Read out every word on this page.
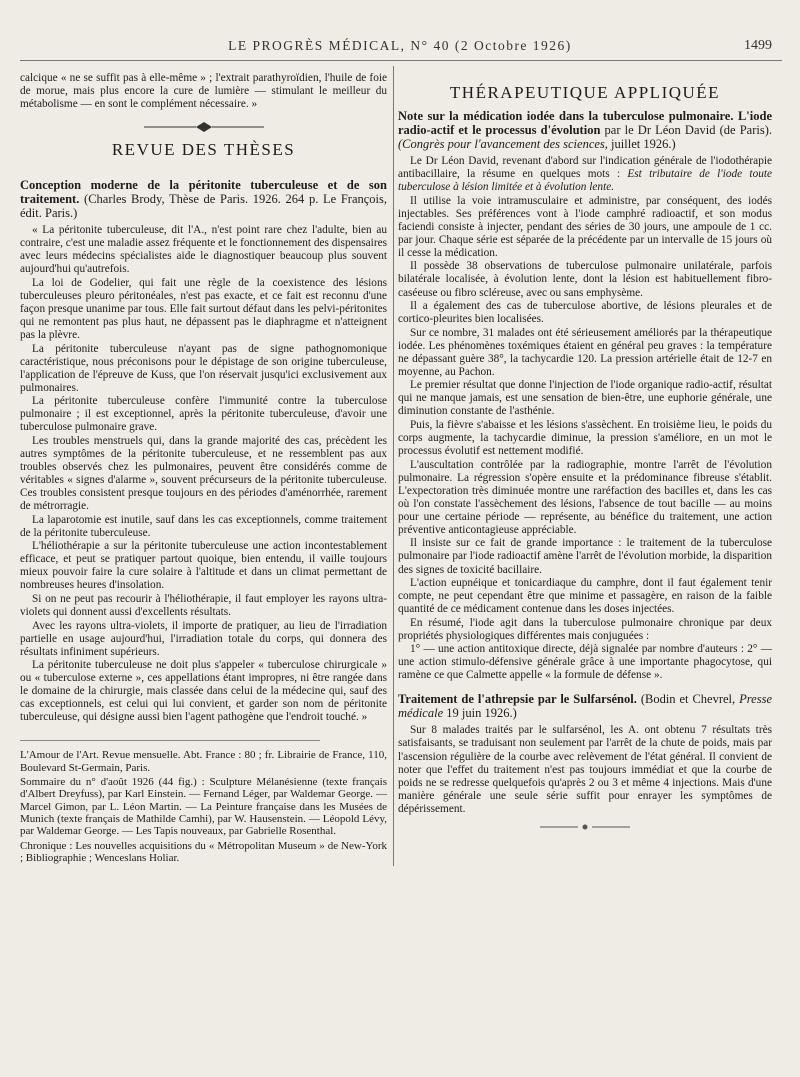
LE PROGRÈS MÉDICAL, N° 40 (2 Octobre 1926)	1499

calcique « ne se suffit pas à elle-même » ; l'extrait parathyroïdien, l'huile de foie de morue, mais plus encore la cure de lumière — stimulant le meilleur du métabolisme — en sont le complément nécessaire. »

REVUE DES THÈSES
Conception moderne de la péritonite tuberculeuse et de son traitement. (Charles Brody, Thèse de Paris. 1926. 264 p. Le François, édit. Paris.)

« La péritonite tuberculeuse, dit l'A., n'est point rare chez l'adulte, bien au contraire, c'est une maladie assez fréquente et le fonctionnement des dispensaires avec leurs médecins spécialistes aide le diagnostiquer beaucoup plus souvent aujourd'hui qu'autrefois.

La loi de Godelier, qui fait une règle de la coexistence des lésions tuberculeuses pleuro péritonéales, n'est pas exacte, et ce fait est reconnu d'une façon presque unanime par tous. Elle fait surtout défaut dans les pelvi-péritonites qui ne remontent pas plus haut, ne dépassent pas le diaphragme et n'atteignent pas la plèvre.

La péritonite tuberculeuse n'ayant pas de signe pathognomonique caractéristique, nous préconisons pour le dépistage de son origine tuberculeuse, l'application de l'épreuve de Kuss, que l'on réservait jusqu'ici exclusivement aux pulmonaires.

La péritonite tuberculeuse confère l'immunité contre la tuberculose pulmonaire ; il est exceptionnel, après la péritonite tuberculeuse, d'avoir une tuberculose pulmonaire grave.

Les troubles menstruels qui, dans la grande majorité des cas, précèdent les autres symptômes de la péritonite tuberculeuse, et ne ressemblent pas aux troubles observés chez les pulmonaires, peuvent être considérés comme de véritables « signes d'alarme », souvent précurseurs de la péritonite tuberculeuse. Ces troubles consistent presque toujours en des périodes d'aménorrhée, rarement de métrorragie.

La laparotomie est inutile, sauf dans les cas exceptionnels, comme traitement de la péritonite tuberculeuse.

L'héliothérapie a sur la péritonite tuberculeuse une action incontestablement efficace, et peut se pratiquer partout quoique, bien entendu, il vaille toujours mieux pouvoir faire la cure solaire à l'altitude et dans un climat permettant de nombreuses heures d'insolation.

Si on ne peut pas recourir à l'héliothérapie, il faut employer les rayons ultra-violets qui donnent aussi d'excellents résultats.

Avec les rayons ultra-violets, il importe de pratiquer, au lieu de l'irradiation partielle en usage aujourd'hui, l'irradiation totale du corps, qui donnera des résultats infiniment supérieurs.

La péritonite tuberculeuse ne doit plus s'appeler « tuberculose chirurgicale » ou « tuberculose externe », ces appellations étant impropres, ni être rangée dans le domaine de la chirurgie, mais classée dans celui de la médecine qui, sauf des cas exceptionnels, est celui qui lui convient, et garder son nom de péritonite tuberculeuse, qui désigne aussi bien l'agent pathogène que l'endroit touché. »

L'Amour de l'Art. Revue mensuelle. Abt. France : 80 ; fr. Librairie de France, 110, Boulevard St-Germain, Paris.

Sommaire du n° d'août 1926 (44 fig.) : Sculpture Mélanésienne (texte français d'Albert Dreyfuss), par Karl Einstein. — Fernand Léger, par Waldemar George. — Marcel Gimon, par L. Léon Martin. — La Peinture française dans les Musées de Munich (texte français de Mathilde Camhi), par W. Hausenstein. — Léopold Lévy, par Waldemar George. — Les Tapis nouveaux, par Gabrielle Rosenthal.

Chronique : Les nouvelles acquisitions du « Métropolitan Museum » de New-York ; Bibliographie ; Wenceslans Holiar.

THÉRAPEUTIQUE APPLIQUÉE
Note sur la médication iodée dans la tuberculose pulmonaire. L'iode radio-actif et le processus d'évolution par le Dr Léon David (de Paris). (Congrès pour l'avancement des sciences, juillet 1926.)

Le Dr Léon David, revenant d'abord sur l'indication générale de l'iodothérapie antibacillaire, la résume en quelques mots : Est tributaire de l'iode toute tuberculose à lésion limitée et à évolution lente.

Il utilise la voie intramusculaire et administre, par conséquent, des iodés injectables. Ses préférences vont à l'iode camphré radioactif, et son modus faciendi consiste à injecter, pendant des séries de 30 jours, une ampoule de 1 cc. par jour. Chaque série est séparée de la précédente par un intervalle de 15 jours où il cesse la médication.

Il possède 38 observations de tuberculose pulmonaire unilatérale, parfois bilatérale localisée, à évolution lente, dont la lésion est habituellement fibro-caséeuse ou fibro scléreuse, avec ou sans emphysème.

Il a également des cas de tuberculose abortive, de lésions pleurales et de cortico-pleurites bien localisées.

Sur ce nombre, 31 malades ont été sérieusement améliorés par la thérapeutique iodée. Les phénomènes toxémiques étaient en général peu graves : la température ne dépassant guère 38°, la tachycardie 120. La pression artérielle était de 12-7 en moyenne, au Pachon.

Le premier résultat que donne l'injection de l'iode organique radio-actif, résultat qui ne manque jamais, est une sensation de bien-être, une euphorie générale, une diminution constante de l'asthénie.

Puis, la fièvre s'abaisse et les lésions s'assèchent. En troisième lieu, le poids du corps augmente, la tachycardie diminue, la pression s'améliore, en un mot le processus évolutif est nettement modifié.

L'auscultation contrôlée par la radiographie, montre l'arrêt de l'évolution pulmonaire. La régression s'opère ensuite et la prédominance fibreuse s'établit. L'expectoration très diminuée montre une raréfaction des bacilles et, dans les cas où l'on constate l'assèchement des lésions, l'absence de tout bacille — au moins pour une certaine période — représente, au bénéfice du traitement, une action préventive anticontagieuse appréciable.

Il insiste sur ce fait de grande importance : le traitement de la tuberculose pulmonaire par l'iode radioactif amène l'arrêt de l'évolution morbide, la disparition des signes de toxicité bacillaire.

L'action eupnéique et tonicardiaque du camphre, dont il faut également tenir compte, ne peut cependant être que minime et passagère, en raison de la faible quantité de ce médicament contenue dans les doses injectées.

En résumé, l'iode agit dans la tuberculose pulmonaire chronique par deux propriétés physiologiques différentes mais conjuguées :

1° — une action antitoxique directe, déjà signalée par nombre d'auteurs : 2° — une action stimulo-défensive générale grâce à une importante phagocytose, qui ramène ce que Calmette appelle « la formule de défense ».

Traitement de l'athrepsie par le Sulfarsénol. (Bodin et Chevrel, Presse médicale 19 juin 1926.)

Sur 8 malades traités par le sulfarsénol, les A. ont obtenu 7 résultats très satisfaisants, se traduisant non seulement par l'arrêt de la chute de poids, mais par l'ascension régulière de la courbe avec relèvement de l'état général. Il convient de noter que l'effet du traitement n'est pas toujours immédiat et que la courbe de poids ne se redresse quelquefois qu'après 2 ou 3 et même 4 injections. Mais d'une manière générale une seule série suffit pour enrayer les symptômes de dépérissement.
